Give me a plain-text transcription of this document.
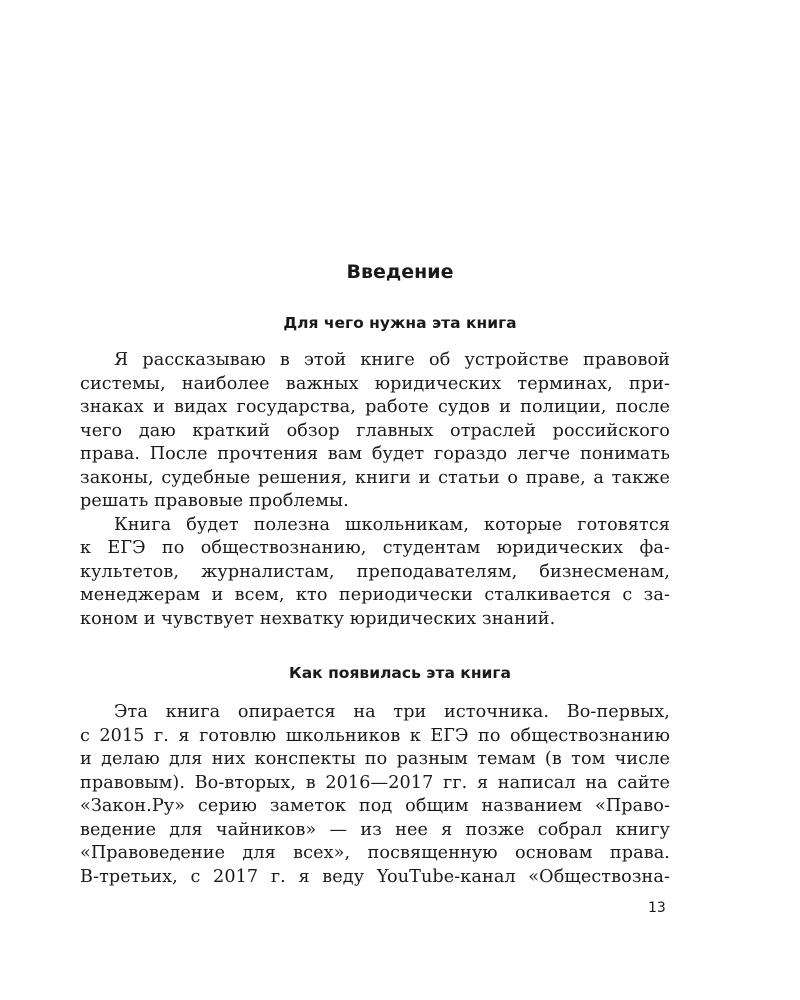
Введение
Для чего нужна эта книга
Я рассказываю в этой книге об устройстве правовой
системы, наиболее важных юридических терминах, при-
знаках и видах государства, работе судов и полиции, после
чего даю краткий обзор главных отраслей российского
права. После прочтения вам будет гораздо легче понимать
законы, судебные решения, книги и статьи о праве, а также
решать правовые проблемы.
Книга будет полезна школьникам, которые готовятся
к ЕГЭ по обществознанию, студентам юридических фа-
культетов, журналистам, преподавателям, бизнесменам,
менеджерам и всем, кто периодически сталкивается с за-
коном и чувствует нехватку юридических знаний.
Как появилась эта книга
Эта книга опирается на три источника. Во-первых,
с 2015 г. я готовлю школьников к ЕГЭ по обществознанию
и делаю для них конспекты по разным темам (в том числе
правовым). Во-вторых, в 2016—2017 гг. я написал на сайте
«Закон.Ру» серию заметок под общим названием «Право-
ведение для чайников» — из нее я позже собрал книгу
«Правоведение для всех», посвященную основам права.
В-третьих, с 2017 г. я веду YouTube-канал «Обществозна-
13
